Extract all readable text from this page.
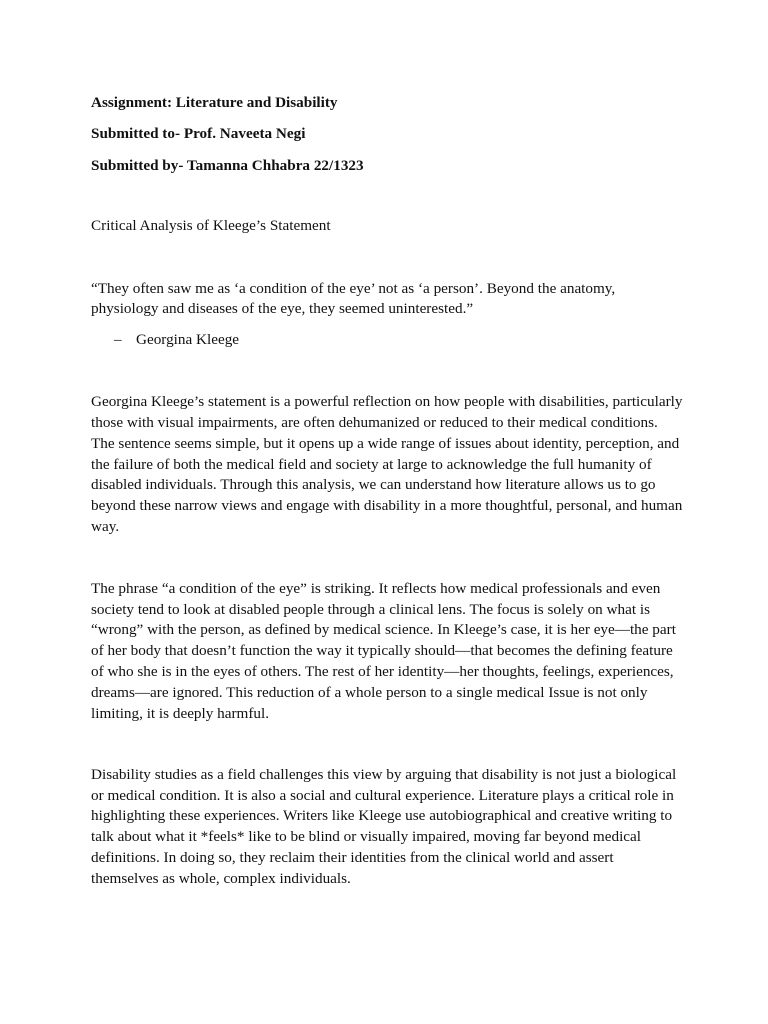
Assignment: Literature and Disability
Submitted to- Prof. Naveeta Negi
Submitted by- Tamanna Chhabra 22/1323
Critical Analysis of Kleege’s Statement
“They often saw me as ‘a condition of the eye’ not as ‘a person’. Beyond the anatomy,
physiology and diseases of the eye, they seemed uninterested.”
– Georgina Kleege
Georgina Kleege’s statement is a powerful reflection on how people with disabilities, particularly
those with visual impairments, are often dehumanized or reduced to their medical conditions.
The sentence seems simple, but it opens up a wide range of issues about identity, perception, and
the failure of both the medical field and society at large to acknowledge the full humanity of
disabled individuals. Through this analysis, we can understand how literature allows us to go
beyond these narrow views and engage with disability in a more thoughtful, personal, and human
way.
The phrase “a condition of the eye” is striking. It reflects how medical professionals and even
society tend to look at disabled people through a clinical lens. The focus is solely on what is
“wrong” with the person, as defined by medical science. In Kleege’s case, it is her eye—the part
of her body that doesn’t function the way it typically should—that becomes the defining feature
of who she is in the eyes of others. The rest of her identity—her thoughts, feelings, experiences,
dreams—are ignored. This reduction of a whole person to a single medical Issue is not only
limiting, it is deeply harmful.
Disability studies as a field challenges this view by arguing that disability is not just a biological
or medical condition. It is also a social and cultural experience. Literature plays a critical role in
highlighting these experiences. Writers like Kleege use autobiographical and creative writing to
talk about what it *feels* like to be blind or visually impaired, moving far beyond medical
definitions. In doing so, they reclaim their identities from the clinical world and assert
themselves as whole, complex individuals.
